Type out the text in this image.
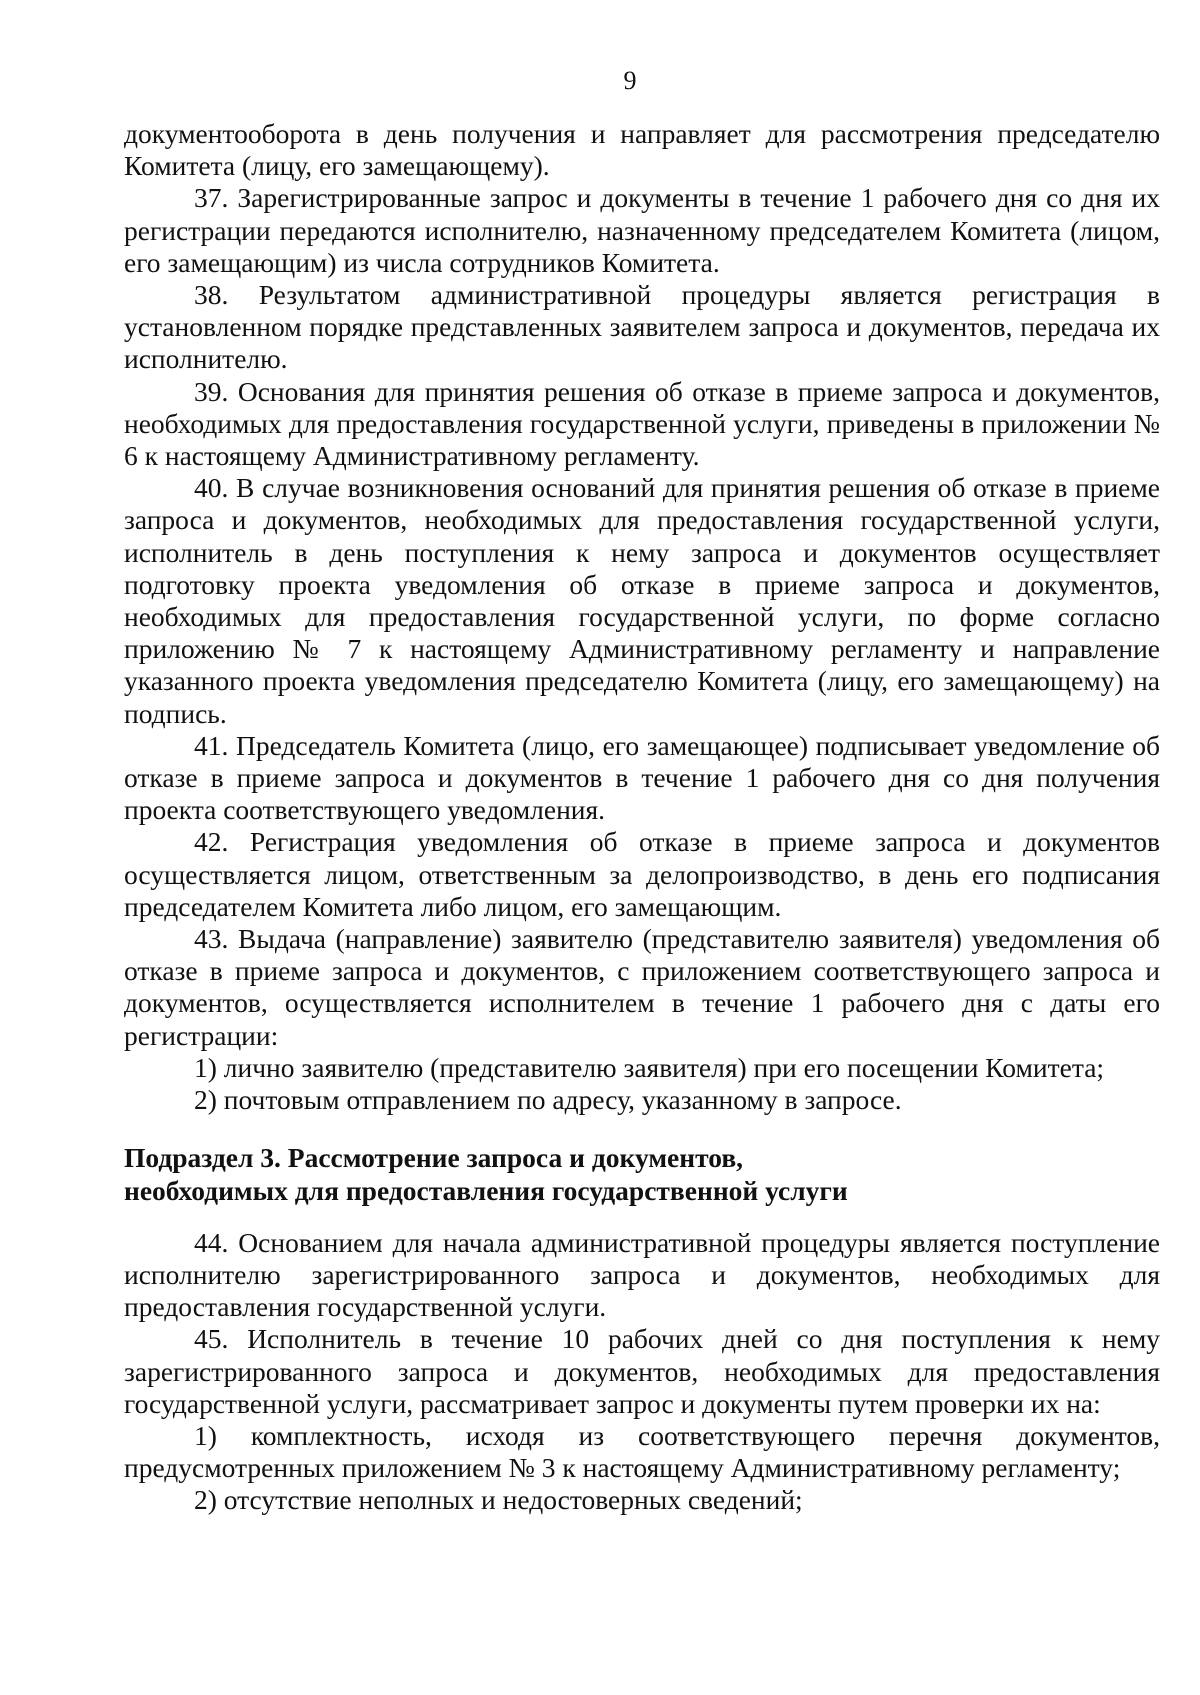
9

документооборота в день получения и направляет для рассмотрения председателю Комитета (лицу, его замещающему).

37. Зарегистрированные запрос и документы в течение 1 рабочего дня со дня их регистрации передаются исполнителю, назначенному председателем Комитета (лицом, его замещающим) из числа сотрудников Комитета.

38. Результатом административной процедуры является регистрация в установленном порядке представленных заявителем запроса и документов, передача их исполнителю.

39. Основания для принятия решения об отказе в приеме запроса и документов, необходимых для предоставления государственной услуги, приведены в приложении № 6 к настоящему Административному регламенту.

40. В случае возникновения оснований для принятия решения об отказе в приеме запроса и документов, необходимых для предоставления государственной услуги, исполнитель в день поступления к нему запроса и документов осуществляет подготовку проекта уведомления об отказе в приеме запроса и документов, необходимых для предоставления государственной услуги, по форме согласно приложению № 7 к настоящему Административному регламенту и направление указанного проекта уведомления председателю Комитета (лицу, его замещающему) на подпись.

41. Председатель Комитета (лицо, его замещающее) подписывает уведомление об отказе в приеме запроса и документов в течение 1 рабочего дня со дня получения проекта соответствующего уведомления.

42. Регистрация уведомления об отказе в приеме запроса и документов осуществляется лицом, ответственным за делопроизводство, в день его подписания председателем Комитета либо лицом, его замещающим.

43. Выдача (направление) заявителю (представителю заявителя) уведомления об отказе в приеме запроса и документов, с приложением соответствующего запроса и документов, осуществляется исполнителем в течение 1 рабочего дня с даты его регистрации:

1) лично заявителю (представителю заявителя) при его посещении Комитета;

2) почтовым отправлением по адресу, указанному в запросе.

Подраздел 3. Рассмотрение запроса и документов,

необходимых для предоставления государственной услуги

44. Основанием для начала административной процедуры является поступление исполнителю зарегистрированного запроса и документов, необходимых для предоставления государственной услуги.

45. Исполнитель в течение 10 рабочих дней со дня поступления к нему зарегистрированного запроса и документов, необходимых для предоставления государственной услуги, рассматривает запрос и документы путем проверки их на:

1) комплектность, исходя из соответствующего перечня документов, предусмотренных приложением № 3 к настоящему Административному регламенту;

2) отсутствие неполных и недостоверных сведений;
